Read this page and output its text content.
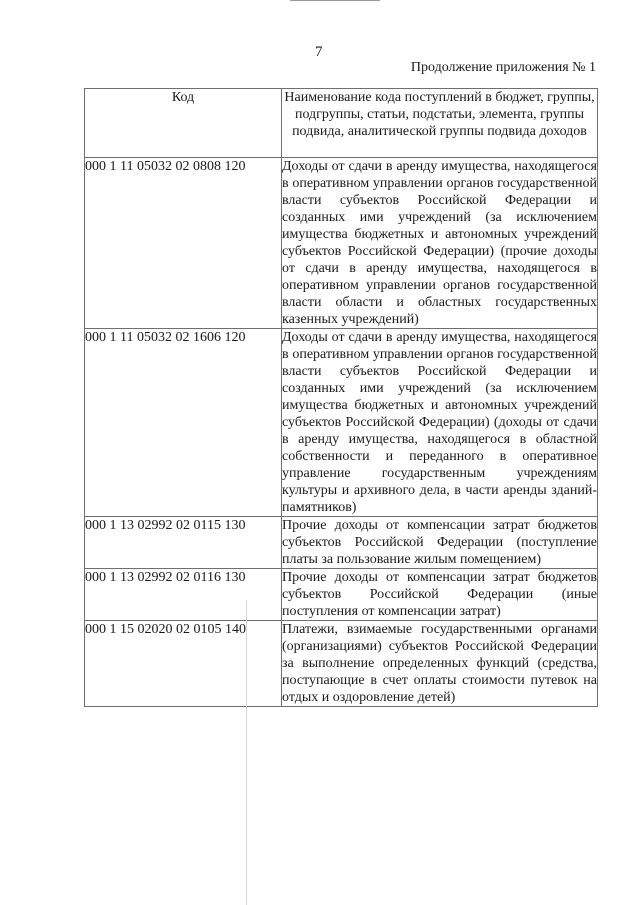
7
Продолжение приложения № 1
Код	Наименование кода поступлений в бюджет, группы, подгруппы, статьи, подстатьи, элемента, группы подвида, аналитической группы подвида доходов
000 1 11 05032 02 0808 120	Доходы от сдачи в аренду имущества, находящегося в оперативном управлении органов государственной власти субъектов Российской Федерации и созданных ими учреждений (за исключением имущества бюджетных и автономных учреждений субъектов Российской Федерации) (прочие доходы от сдачи в аренду имущества, находящегося в оперативном управлении органов государственной власти области и областных государственных казенных учреждений)
000 1 11 05032 02 1606 120	Доходы от сдачи в аренду имущества, находящегося в оперативном управлении органов государственной власти субъектов Российской Федерации и созданных ими учреждений (за исключением имущества бюджетных и автономных учреждений субъектов Российской Федерации) (доходы от сдачи в аренду имущества, находящегося в областной собственности и переданного в оперативное управление государственным учреждениям культуры и архивного дела, в части аренды зданий-памятников)
000 1 13 02992 02 0115 130	Прочие доходы от компенсации затрат бюджетов субъектов Российской Федерации (поступление платы за пользование жилым помещением)
000 1 13 02992 02 0116 130	Прочие доходы от компенсации затрат бюджетов субъектов Российской Федерации (иные поступления от компенсации затрат)
000 1 15 02020 02 0105 140	Платежи, взимаемые государственными органами (организациями) субъектов Российской Федерации за выполнение определенных функций (средства, поступающие в счет оплаты стоимости путевок на отдых и оздоровление детей)
